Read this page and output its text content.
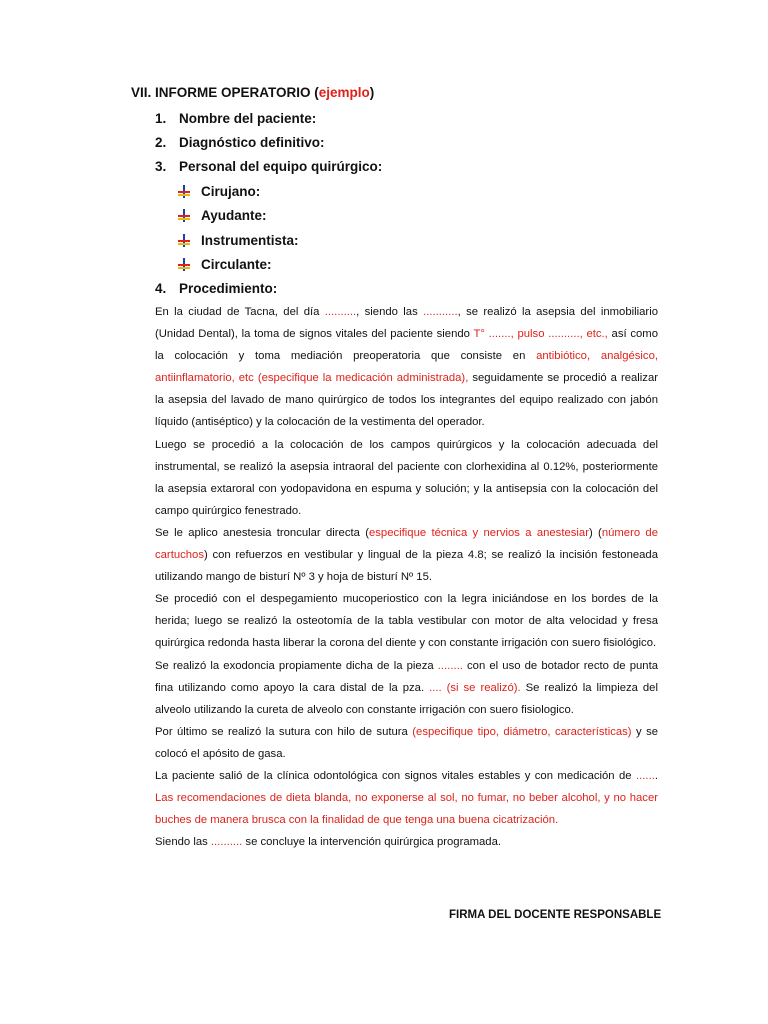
VII. INFORME OPERATORIO (ejemplo)
1. Nombre del paciente:
2. Diagnóstico definitivo:
3. Personal del equipo quirúrgico:
Cirujano:
Ayudante:
Instrumentista:
Circulante:
4. Procedimiento:

En la ciudad de Tacna, del día .........., siendo las ..........., se realizó la asepsia del inmobiliario (Unidad Dental), la toma de signos vitales del paciente siendo T° ......., pulso .........., etc., así como la colocación y toma mediación preoperatoria que consiste en antibiótico, analgésico, antiinflamatorio, etc (especifique la medicación administrada), seguidamente se procedió a realizar la asepsia del lavado de mano quirúrgico de todos los integrantes del equipo realizado con jabón líquido (antiséptico) y la colocación de la vestimenta del operador.

Luego se procedió a la colocación de los campos quirúrgicos y la colocación adecuada del instrumental, se realizó la asepsia intraoral del paciente con clorhexidina al 0.12%, posteriormente la asepsia extaroral con yodopavidona en espuma y solución; y la antisepsia con la colocación del campo quirúrgico fenestrado.

Se le aplico anestesia troncular directa (especifique técnica y nervios a anestesiar) (número de cartuchos) con refuerzos en vestibular y lingual de la pieza 4.8; se realizó la incisión festoneada utilizando mango de bisturí Nº 3 y hoja de bisturí Nº 15.

Se procedió con el despegamiento mucoperiostico con la legra iniciándose en los bordes de la herida; luego se realizó la osteotomía de la tabla vestibular con motor de alta velocidad y fresa quirúrgica redonda hasta liberar la corona del diente y con constante irrigación con suero fisiológico.

Se realizó la exodoncia propiamente dicha de la pieza ........ con el uso de botador recto de punta fina utilizando como apoyo la cara distal de la pza. .... (si se realizó). Se realizó la limpieza del alveolo utilizando la cureta de alveolo con constante irrigación con suero fisiologico.

Por último se realizó la sutura con hilo de sutura (especifique tipo, diámetro, características) y se colocó el apósito de gasa.

La paciente salió de la clínica odontológica con signos vitales estables y con medicación de ....... Las recomendaciones de dieta blanda, no exponerse al sol, no fumar, no beber alcohol, y no hacer buches de manera brusca con la finalidad de que tenga una buena cicatrización.

Siendo las .......... se concluye la intervención quirúrgica programada.

FIRMA DEL DOCENTE RESPONSABLE
